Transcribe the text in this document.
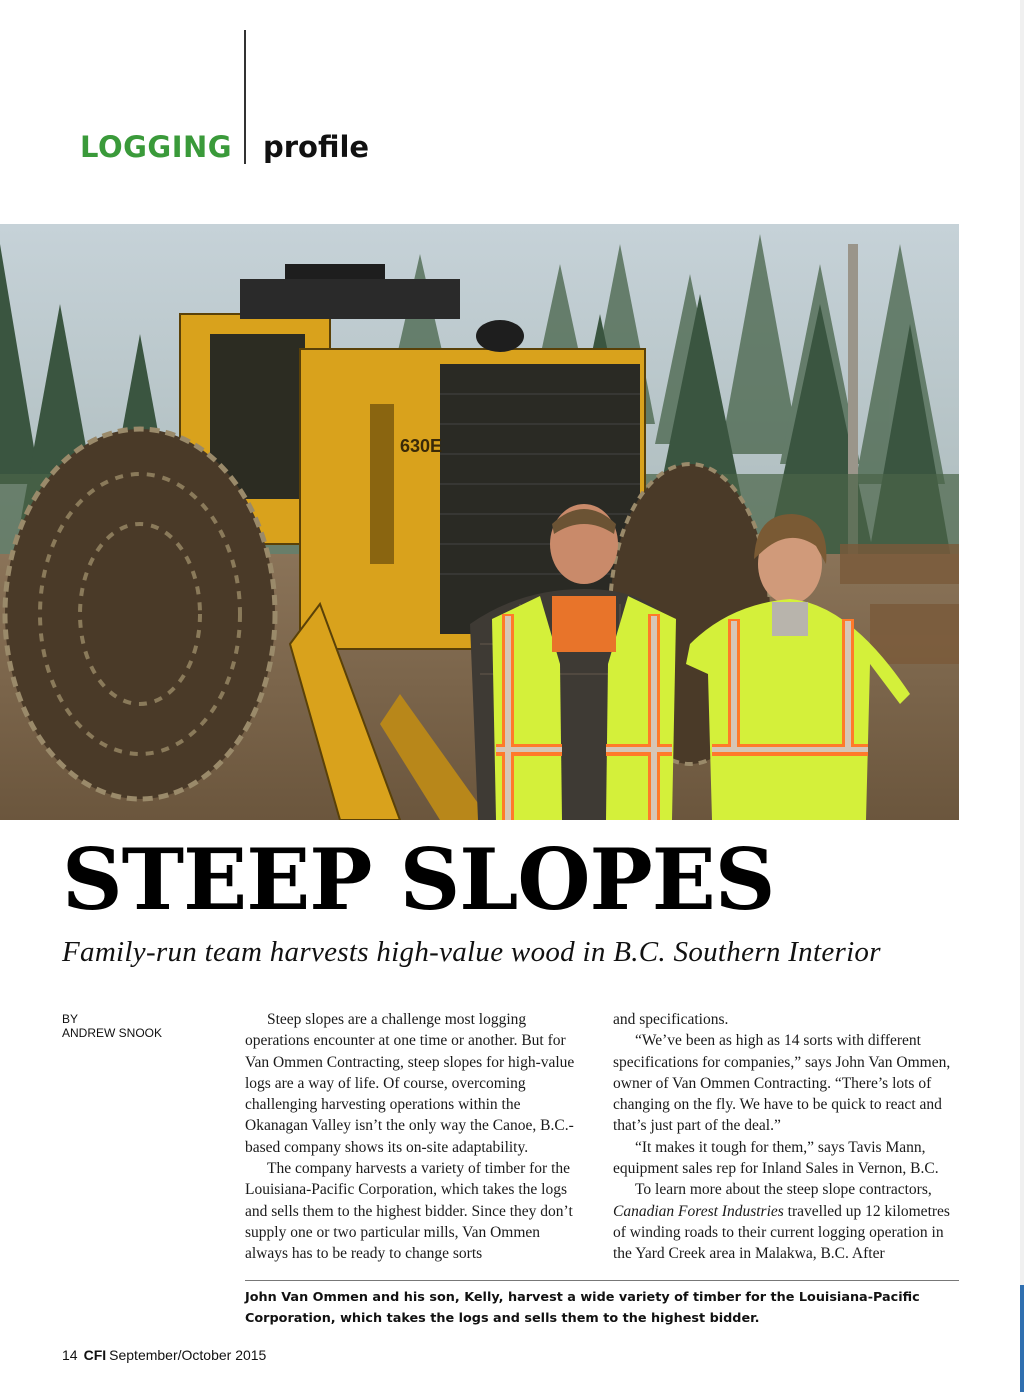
LOGGING profile
630E
STEEP SLOPES
Family-run team harvests high-value wood in B.C. Southern Interior
BY
ANDREW SNOOK

Steep slopes are a challenge most logging operations encounter at one time or another. But for Van Ommen Contracting, steep slopes for high-value logs are a way of life. Of course, overcoming challenging harvesting operations within the Okanagan Valley isn’t the only way the Canoe, B.C.-based company shows its on-site adaptability.

The company harvests a variety of timber for the Louisiana-Pacific Corporation, which takes the logs and sells them to the highest bidder. Since they don’t supply one or two particular mills, Van Ommen always has to be ready to change sorts

and specifications.

“We’ve been as high as 14 sorts with different specifications for companies,” says John Van Ommen, owner of Van Ommen Contracting. “There’s lots of changing on the fly. We have to be quick to react and that’s just part of the deal.”

“It makes it tough for them,” says Tavis Mann, equipment sales rep for Inland Sales in Vernon, B.C.

To learn more about the steep slope contractors, Canadian Forest Industries travelled up 12 kilometres of winding roads to their current logging operation in the Yard Creek area in Malakwa, B.C. After

John Van Ommen and his son, Kelly, harvest a wide variety of timber for the Louisiana-Pacific Corporation, which takes the logs and sells them to the highest bidder.
14 CFI September/October 2015
